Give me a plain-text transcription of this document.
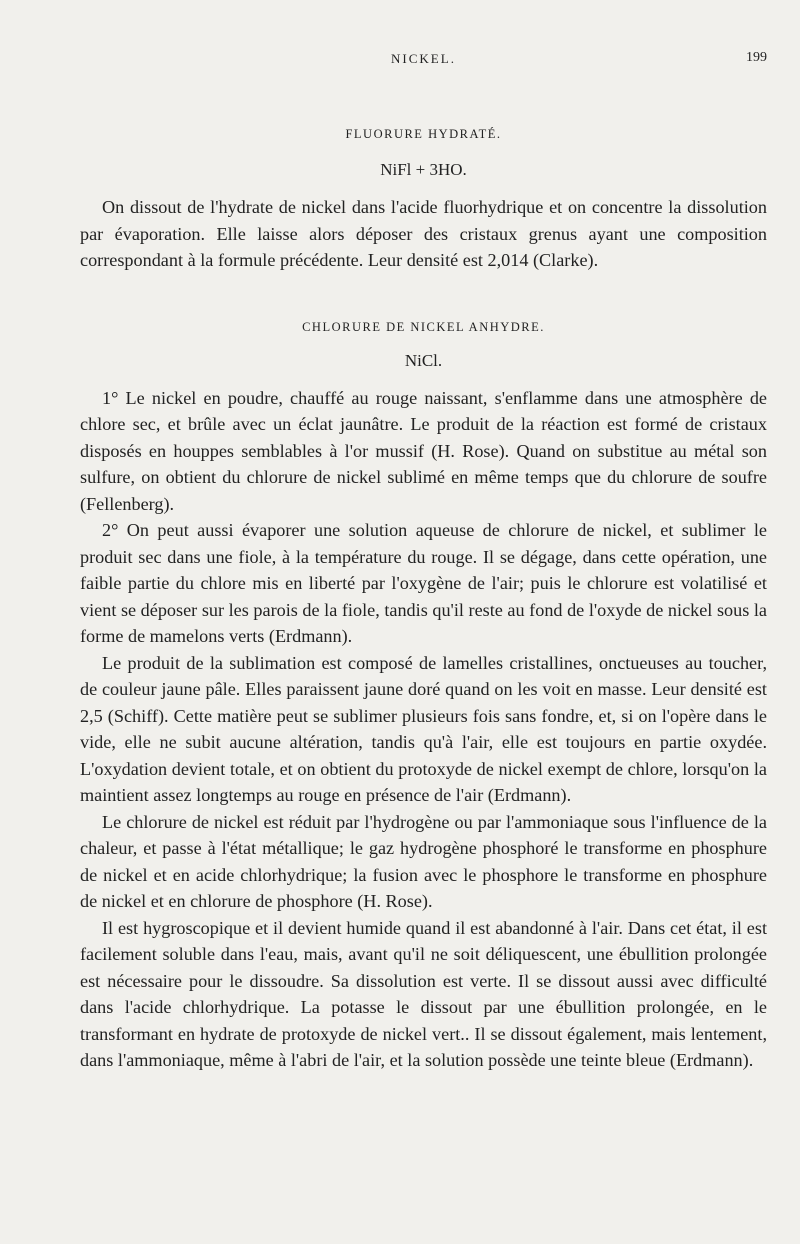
NICKEL.	199
FLUORURE HYDRATÉ.
NiFl + 3HO.

On dissout de l'hydrate de nickel dans l'acide fluorhydrique et on concentre la dissolution par évaporation. Elle laisse alors déposer des cristaux grenus ayant une composition correspondant à la formule précédente. Leur densité est 2,014 (Clarke).

CHLORURE DE NICKEL ANHYDRE.
NiCl.

1° Le nickel en poudre, chauffé au rouge naissant, s'enflamme dans une atmosphère de chlore sec, et brûle avec un éclat jaunâtre. Le produit de la réaction est formé de cristaux disposés en houppes semblables à l'or mussif (H. Rose). Quand on substitue au métal son sulfure, on obtient du chlorure de nickel sublimé en même temps que du chlorure de soufre (Fellenberg).

2° On peut aussi évaporer une solution aqueuse de chlorure de nickel, et sublimer le produit sec dans une fiole, à la température du rouge. Il se dégage, dans cette opération, une faible partie du chlore mis en liberté par l'oxygène de l'air; puis le chlorure est volatilisé et vient se déposer sur les parois de la fiole, tandis qu'il reste au fond de l'oxyde de nickel sous la forme de mamelons verts (Erdmann).

Le produit de la sublimation est composé de lamelles cristallines, onctueuses au toucher, de couleur jaune pâle. Elles paraissent jaune doré quand on les voit en masse. Leur densité est 2,5 (Schiff). Cette matière peut se sublimer plusieurs fois sans fondre, et, si on l'opère dans le vide, elle ne subit aucune altération, tandis qu'à l'air, elle est toujours en partie oxydée. L'oxydation devient totale, et on obtient du protoxyde de nickel exempt de chlore, lorsqu'on la maintient assez longtemps au rouge en présence de l'air (Erdmann).

Le chlorure de nickel est réduit par l'hydrogène ou par l'ammoniaque sous l'influence de la chaleur, et passe à l'état métallique; le gaz hydrogène phosphoré le transforme en phosphure de nickel et en acide chlorhydrique; la fusion avec le phosphore le transforme en phosphure de nickel et en chlorure de phosphore (H. Rose).

Il est hygroscopique et il devient humide quand il est abandonné à l'air. Dans cet état, il est facilement soluble dans l'eau, mais, avant qu'il ne soit déliquescent, une ébullition prolongée est nécessaire pour le dissoudre. Sa dissolution est verte. Il se dissout aussi avec difficulté dans l'acide chlorhydrique. La potasse le dissout par une ébullition prolongée, en le transformant en hydrate de protoxyde de nickel vert.. Il se dissout également, mais lentement, dans l'ammoniaque, même à l'abri de l'air, et la solution possède une teinte bleue (Erdmann).
